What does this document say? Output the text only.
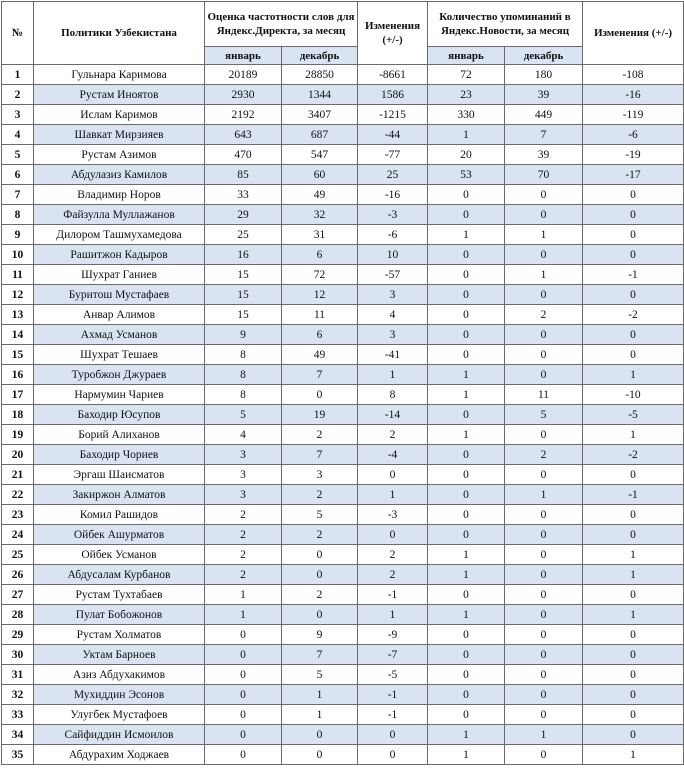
№	Политики Узбекистана	Оценка частотности слов для Яндекс.Директа, за месяц		Изменения (+/-)	Количество упоминаний в Яндекс.Новости, за месяц		Изменения (+/-)
		январь	декабрь		январь	декабрь	
1	Гульнара Каримова	20189	28850	-8661	72	180	-108
2	Рустам Иноятов	2930	1344	1586	23	39	-16
3	Ислам Каримов	2192	3407	-1215	330	449	-119
4	Шавкат Мирзияев	643	687	-44	1	7	-6
5	Рустам Азимов	470	547	-77	20	39	-19
6	Абдулазиз Камилов	85	60	25	53	70	-17
7	Владимир Норов	33	49	-16	0	0	0
8	Файзулла Муллажанов	29	32	-3	0	0	0
9	Дилором Ташмухамедова	25	31	-6	1	1	0
10	Рашитжон Кадыров	16	6	10	0	0	0
11	Шухрат Ганиев	15	72	-57	0	1	-1
12	Буритош Мустафаев	15	12	3	0	0	0
13	Анвар Алимов	15	11	4	0	2	-2
14	Ахмад Усманов	9	6	3	0	0	0
15	Шухрат Тешаев	8	49	-41	0	0	0
16	Туробжон Джураев	8	7	1	1	0	1
17	Нармумин Чариев	8	0	8	1	11	-10
18	Баходир Юсупов	5	19	-14	0	5	-5
19	Борий Алиханов	4	2	2	1	0	1
20	Баходир Чориев	3	7	-4	0	2	-2
21	Эргаш Шаисматов	3	3	0	0	0	0
22	Закиржон Алматов	3	2	1	0	1	-1
23	Комил Рашидов	2	5	-3	0	0	0
24	Ойбек Ашурматов	2	2	0	0	0	0
25	Ойбек Усманов	2	0	2	1	0	1
26	Абдусалам Курбанов	2	0	2	1	0	1
27	Рустам Тухтабаев	1	2	-1	0	0	0
28	Пулат Бобожонов	1	0	1	1	0	1
29	Рустам Холматов	0	9	-9	0	0	0
30	Уктам Барноев	0	7	-7	0	0	0
31	Азиз Абдухакимов	0	5	-5	0	0	0
32	Мухиддин Эсонов	0	1	-1	0	0	0
33	Улугбек Мустафоев	0	1	-1	0	0	0
34	Сайфиддин Исмоилов	0	0	0	1	1	0
35	Абдурахим Ходжаев	0	0	0	1	0	1
